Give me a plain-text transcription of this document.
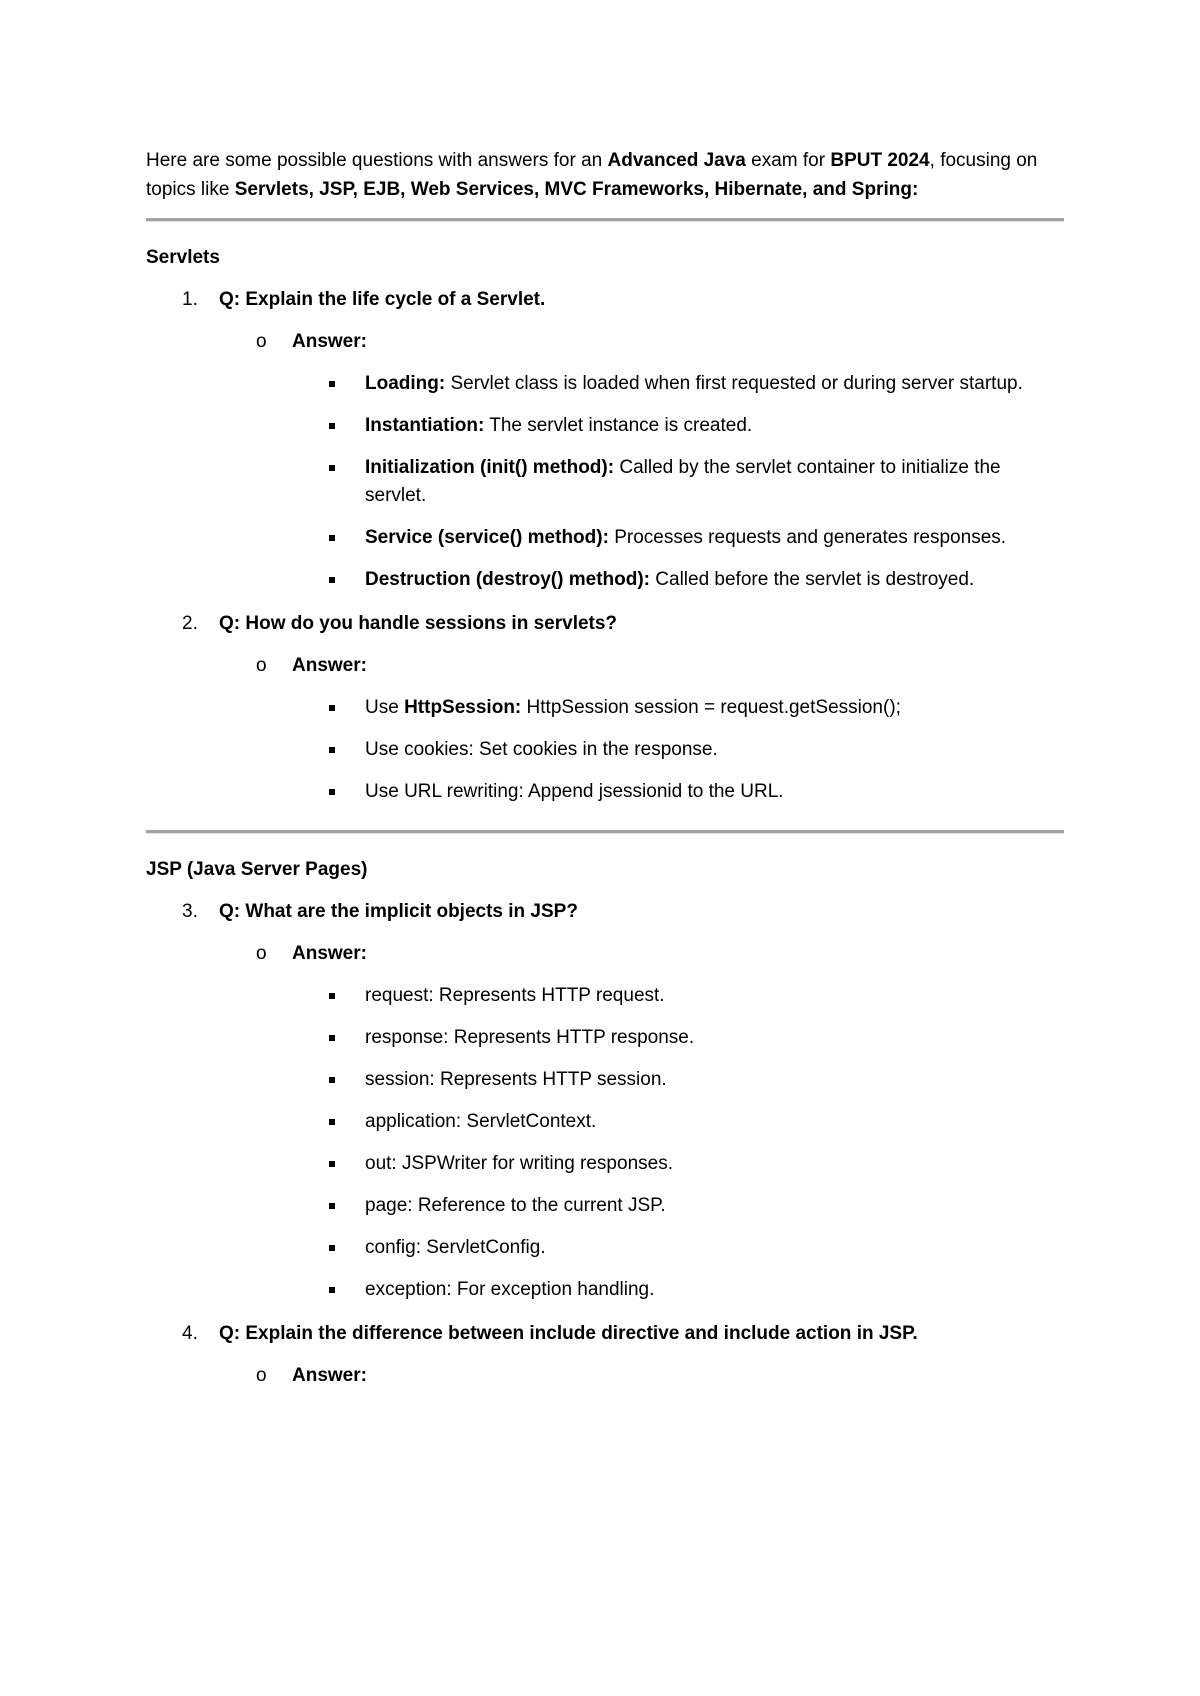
Here are some possible questions with answers for an Advanced Java exam for BPUT 2024, focusing on topics like Servlets, JSP, EJB, Web Services, MVC Frameworks, Hibernate, and Spring:

Servlets
1. Q: Explain the life cycle of a Servlet.
o Answer:
Loading: Servlet class is loaded when first requested or during server startup.
Instantiation: The servlet instance is created.
Initialization (init() method): Called by the servlet container to initialize the servlet.
Service (service() method): Processes requests and generates responses.
Destruction (destroy() method): Called before the servlet is destroyed.
2. Q: How do you handle sessions in servlets?
o Answer:
Use HttpSession: HttpSession session = request.getSession();
Use cookies: Set cookies in the response.
Use URL rewriting: Append jsessionid to the URL.
JSP (Java Server Pages)
3. Q: What are the implicit objects in JSP?
o Answer:
request: Represents HTTP request.
response: Represents HTTP response.
session: Represents HTTP session.
application: ServletContext.
out: JSPWriter for writing responses.
page: Reference to the current JSP.
config: ServletConfig.
exception: For exception handling.
4. Q: Explain the difference between include directive and include action in JSP.
o Answer:
